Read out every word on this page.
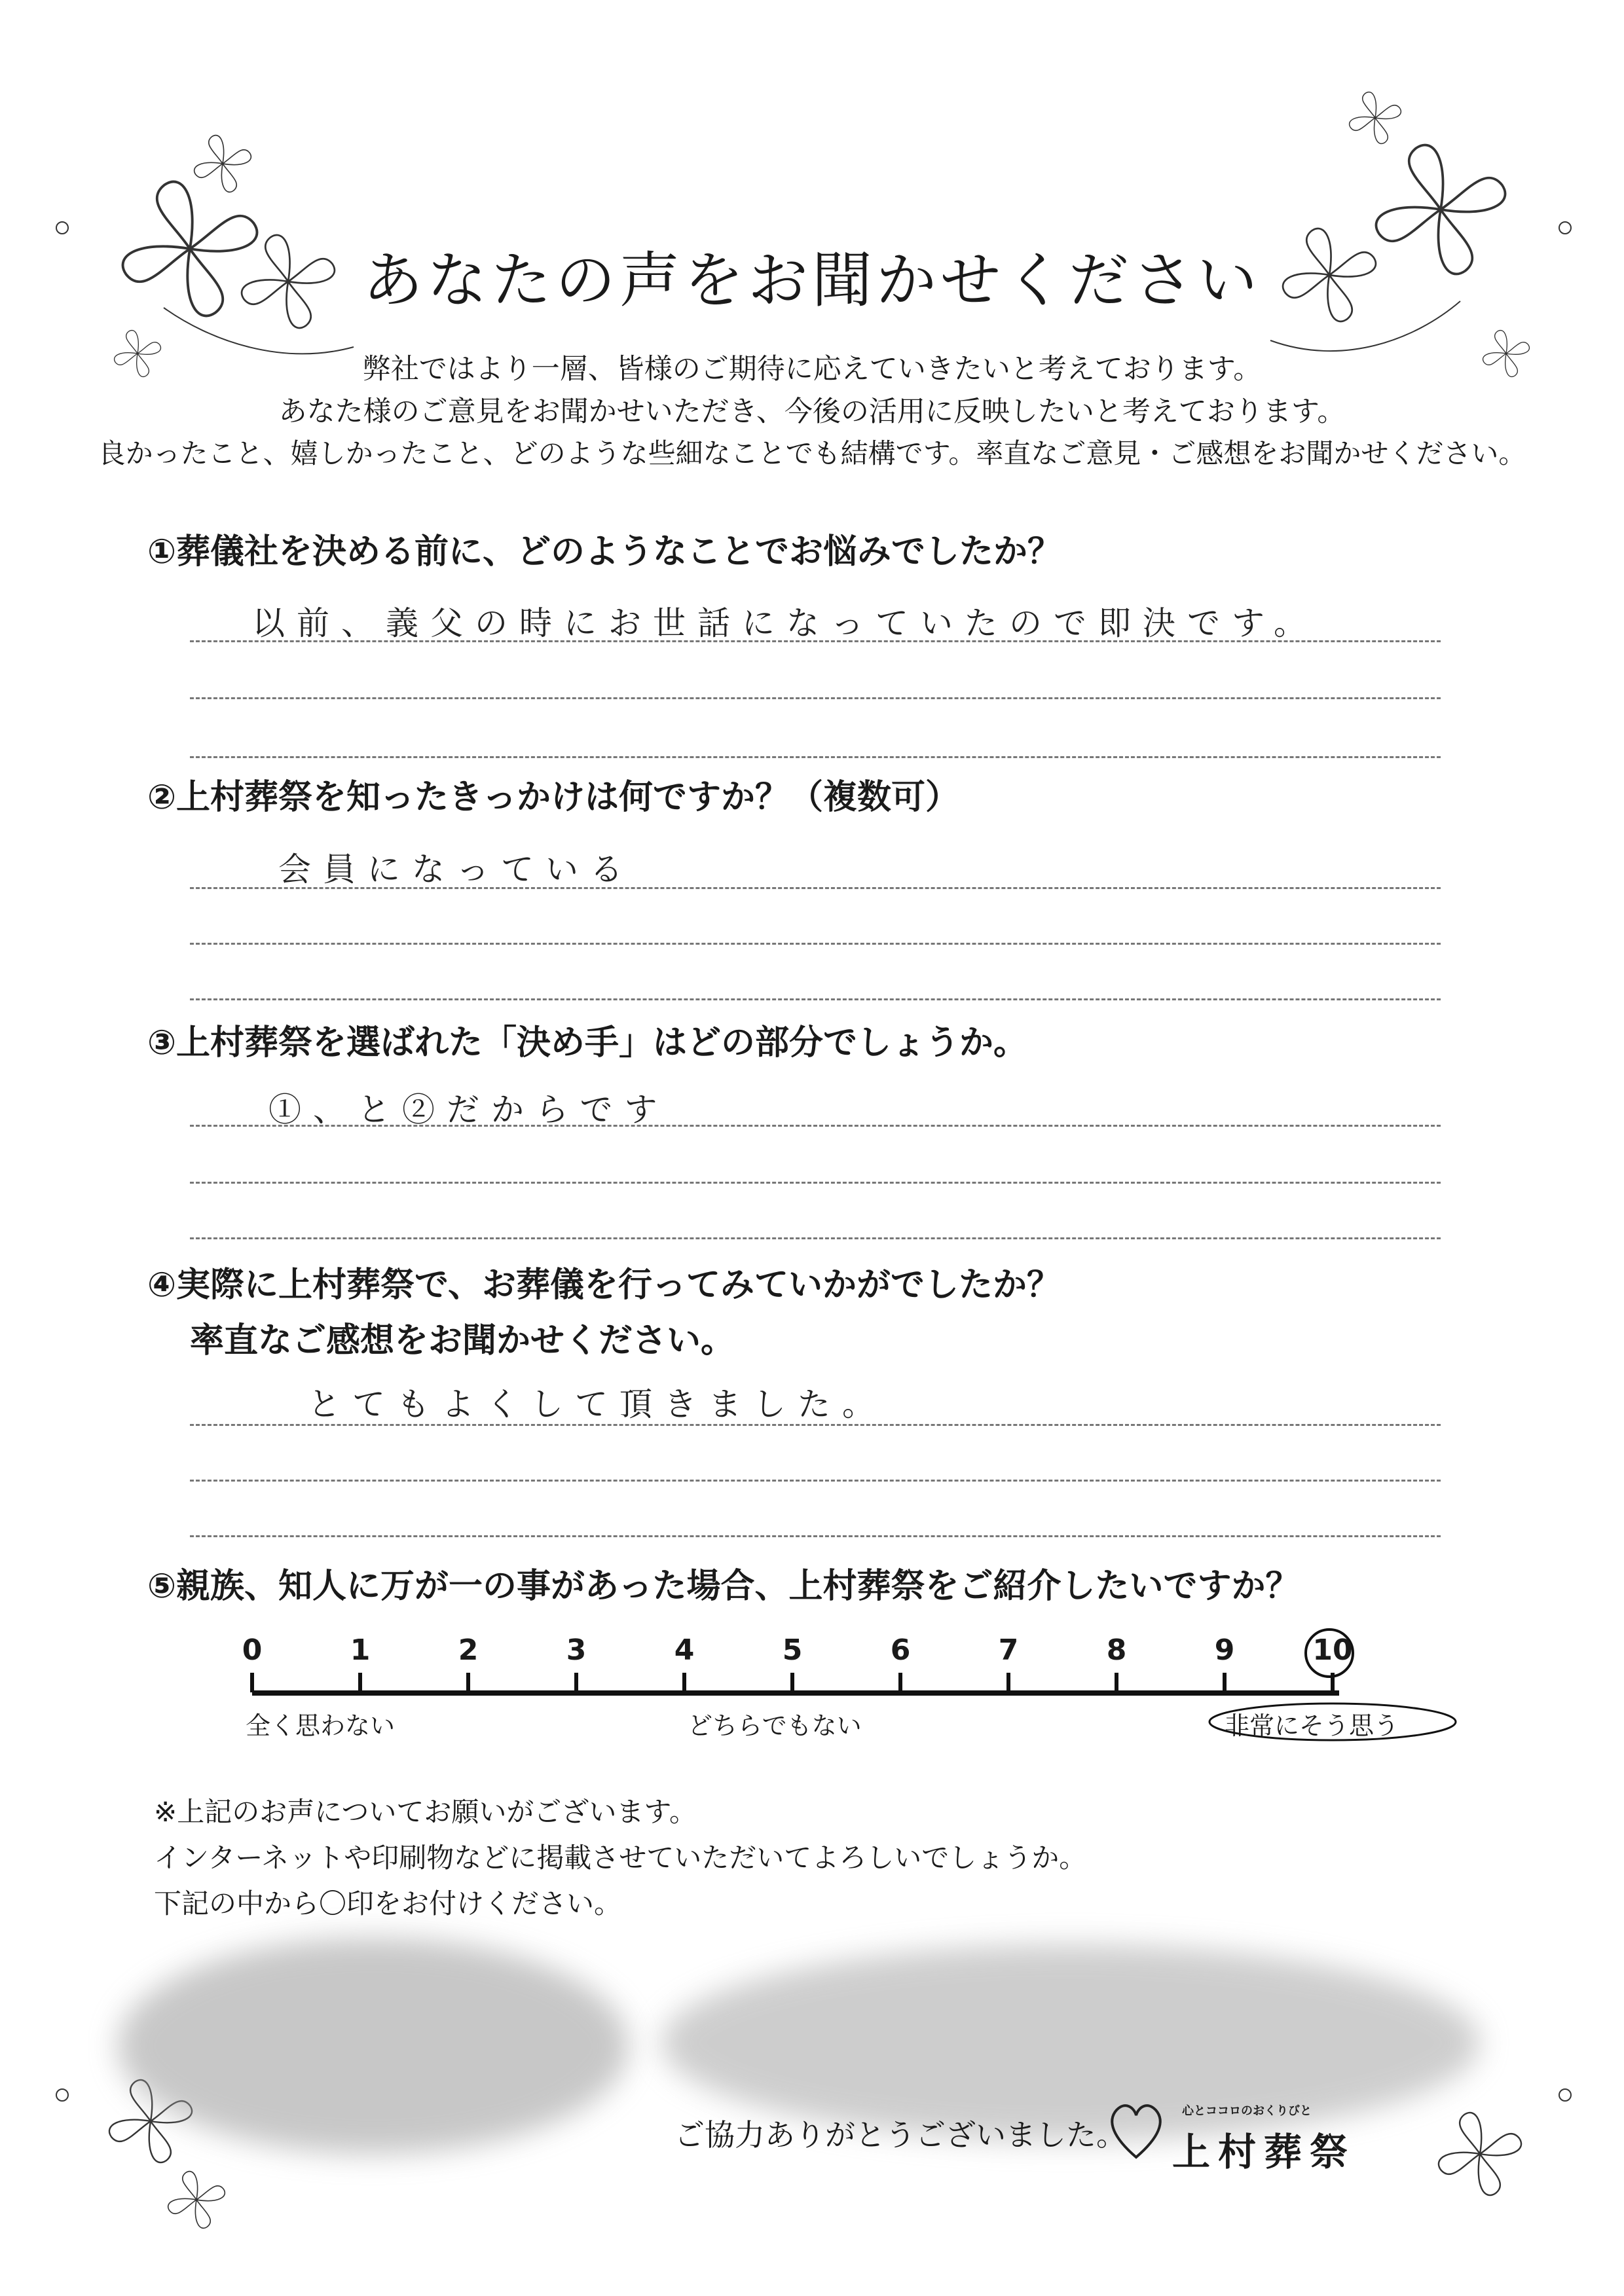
あなたの声をお聞かせください
弊社ではより一層、皆様のご期待に応えていきたいと考えております。
あなた様のご意見をお聞かせいただき、今後の活用に反映したいと考えております。
良かったこと、嬉しかったこと、どのような些細なことでも結構です。率直なご意見・ご感想をお聞かせください。
①葬儀社を決める前に、どのようなことでお悩みでしたか？
以前、義父の時にお世話になっていたので即決です。
②上村葬祭を知ったきっかけは何ですか？（複数可）
会員になっている
③上村葬祭を選ばれた「決め手」はどの部分でしょうか。
①、と②だからです
④実際に上村葬祭で、お葬儀を行ってみていかがでしたか？
率直なご感想をお聞かせください。
とてもよくして頂きました。
⑤親族、知人に万が一の事があった場合、上村葬祭をご紹介したいですか？
全く思わない	どちらでもない	非常にそう思う
※上記のお声についてお願いがございます。
インターネットや印刷物などに掲載させていただいてよろしいでしょうか。
下記の中から〇印をお付けください。
ご協力ありがとうございました。
心とココロのおくりびと
上村葬祭
0	1	2	3	4	5	6	7	8	9	10
